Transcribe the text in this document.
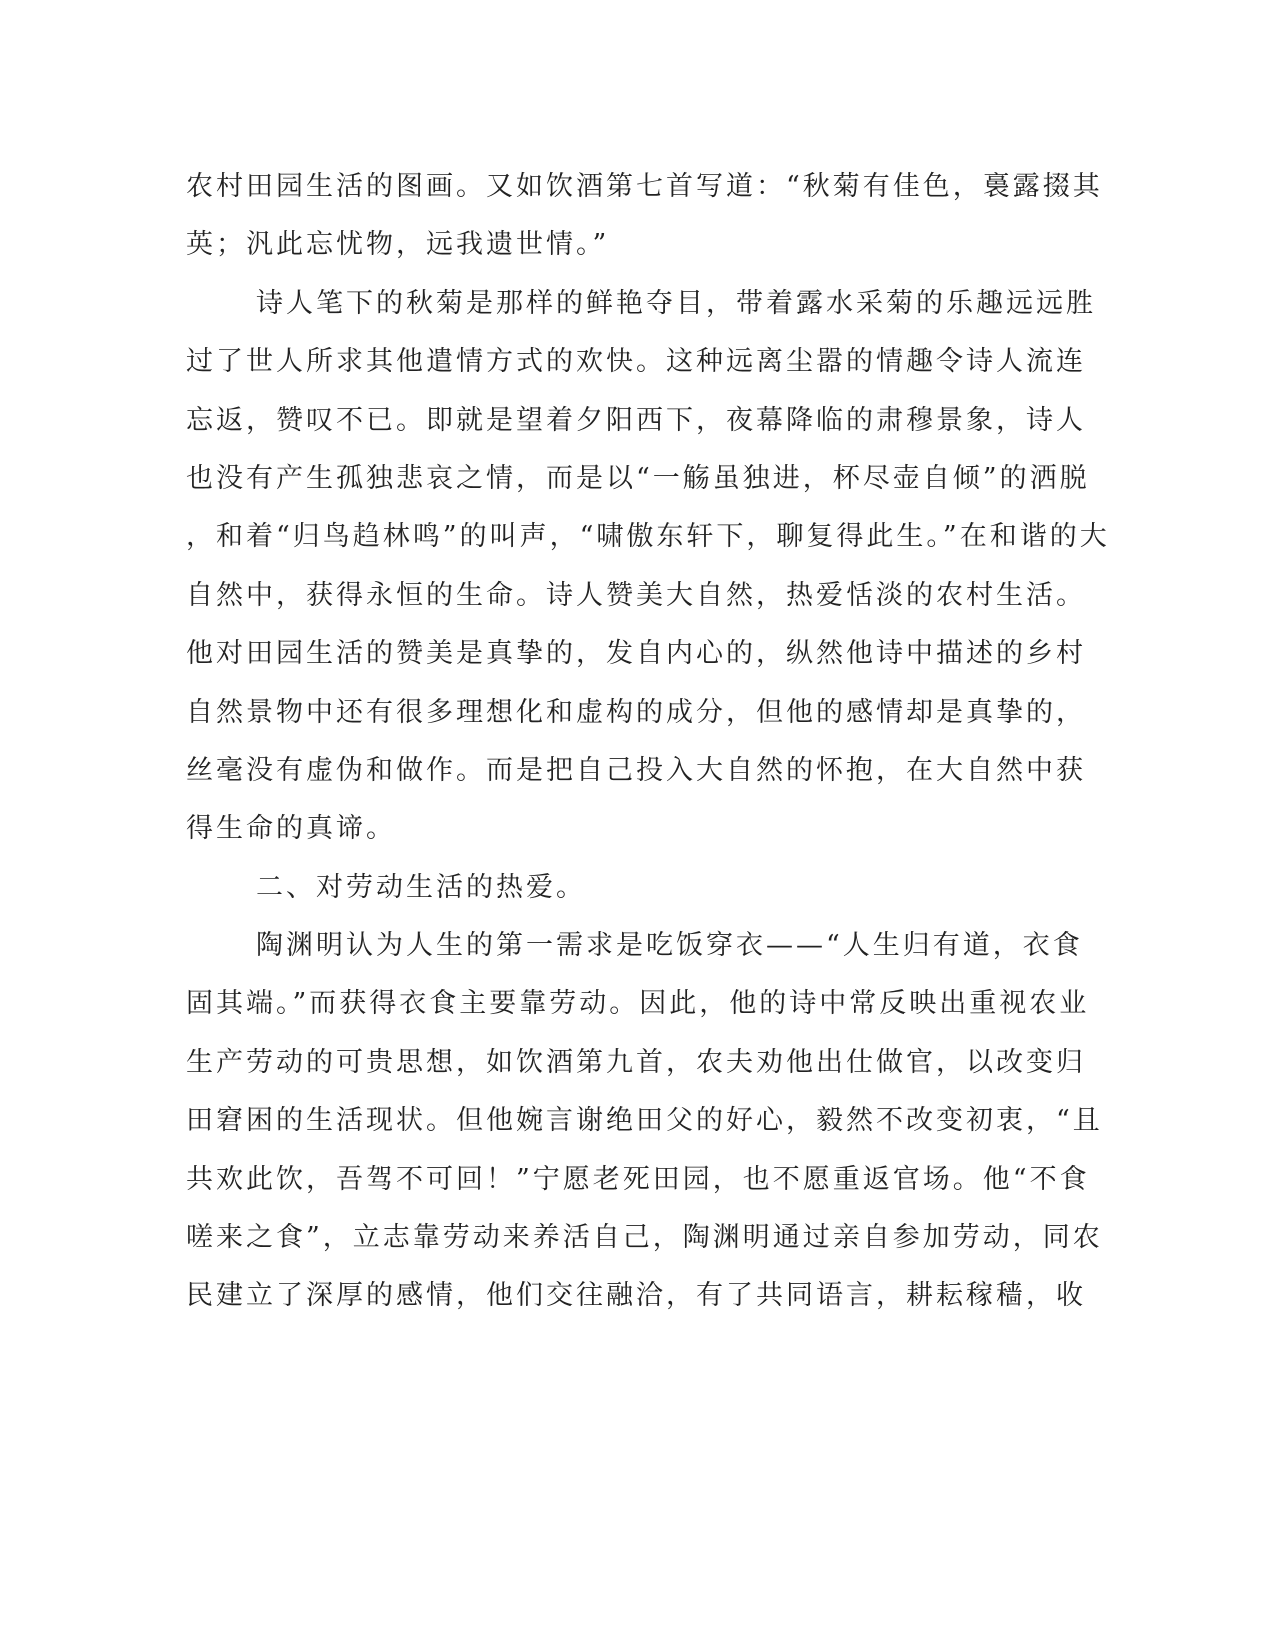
农村田园生活的图画。又如饮酒第七首写道：“秋菊有佳色，裛露掇其
英；汎此忘忧物，远我遗世情。”
诗人笔下的秋菊是那样的鲜艳夺目，带着露水采菊的乐趣远远胜
过了世人所求其他遣情方式的欢快。这种远离尘嚣的情趣令诗人流连
忘返，赞叹不已。即就是望着夕阳西下，夜幕降临的肃穆景象，诗人
也没有产生孤独悲哀之情，而是以“一觞虽独进，杯尽壶自倾”的洒脱
，和着“归鸟趋林鸣”的叫声，“啸傲东轩下，聊复得此生。”在和谐的大
自然中，获得永恒的生命。诗人赞美大自然，热爱恬淡的农村生活。
他对田园生活的赞美是真挚的，发自内心的，纵然他诗中描述的乡村
自然景物中还有很多理想化和虚构的成分，但他的感情却是真挚的，
丝毫没有虚伪和做作。而是把自己投入大自然的怀抱，在大自然中获
得生命的真谛。
二、对劳动生活的热爱。
陶渊明认为人生的第一需求是吃饭穿衣——“人生归有道，衣食
固其端。”而获得衣食主要靠劳动。因此，他的诗中常反映出重视农业
生产劳动的可贵思想，如饮酒第九首，农夫劝他出仕做官，以改变归
田窘困的生活现状。但他婉言谢绝田父的好心，毅然不改变初衷，“且
共欢此饮，吾驾不可回！”宁愿老死田园，也不愿重返官场。他“不食
嗟来之食”，立志靠劳动来养活自己，陶渊明通过亲自参加劳动，同农
民建立了深厚的感情，他们交往融洽，有了共同语言，耕耘稼穑，收
